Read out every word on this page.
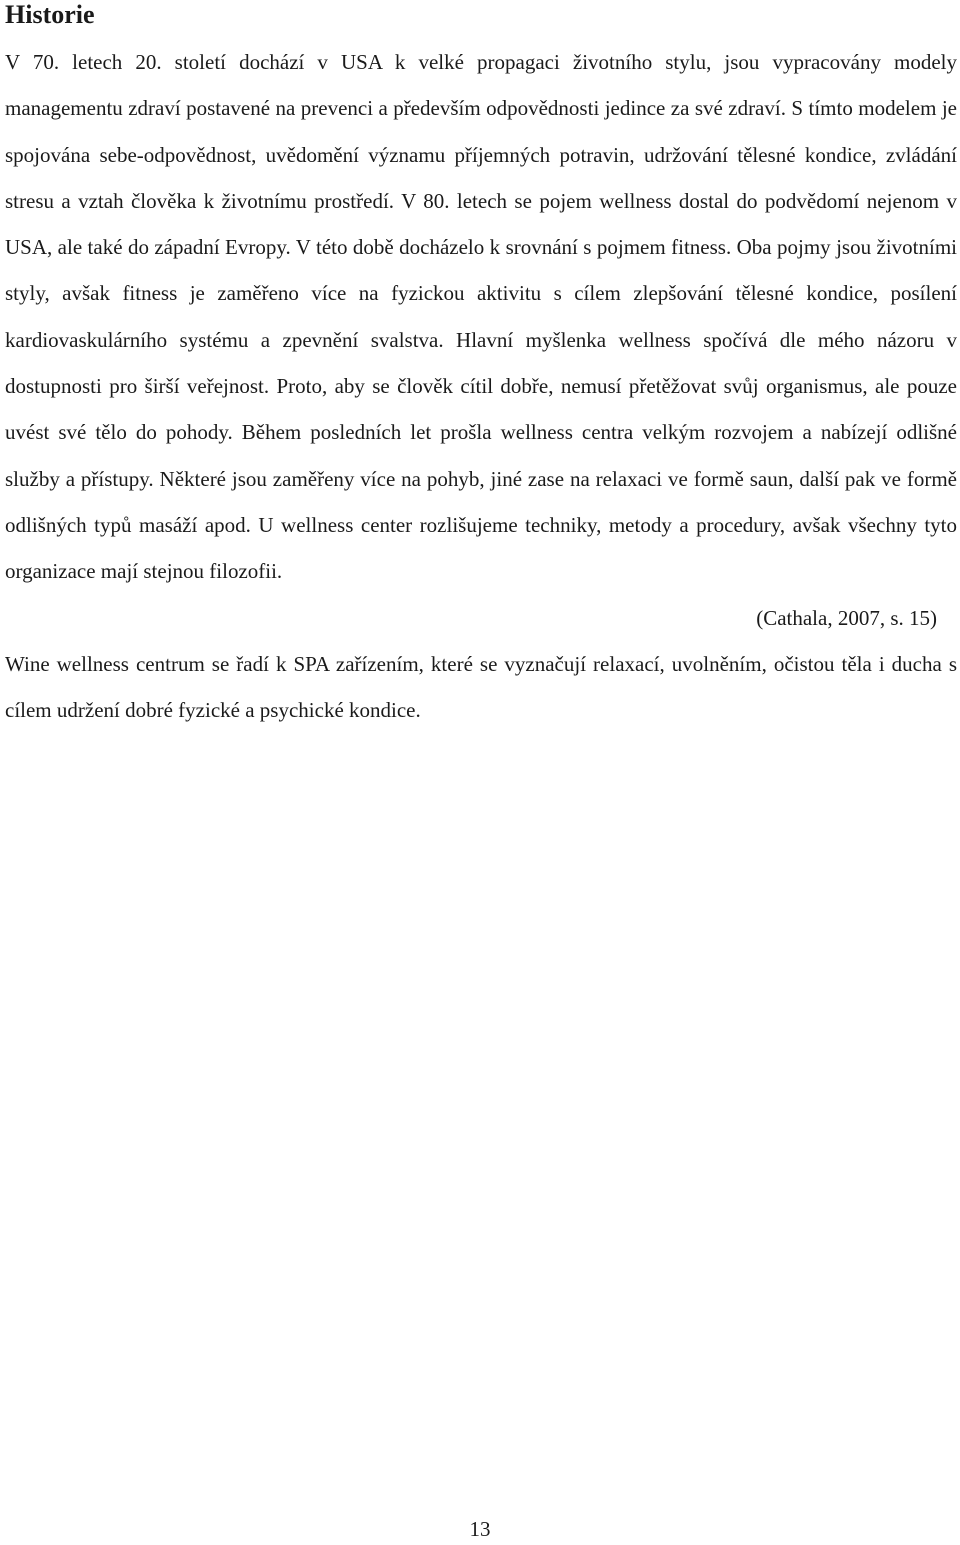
Historie

V 70. letech 20. století dochází v USA k velké propagaci životního stylu, jsou vypracovány modely managementu zdraví postavené na prevenci a především odpovědnosti jedince za své zdraví. S tímto modelem je spojována sebe-odpovědnost, uvědomění významu příjemných potravin, udržování tělesné kondice, zvládání stresu a vztah člověka k životnímu prostředí. V 80. letech se pojem wellness dostal do podvědomí nejenom v USA, ale také do západní Evropy. V této době docházelo k srovnání s pojmem fitness. Oba pojmy jsou životními styly, avšak fitness je zaměřeno více na fyzickou aktivitu s cílem zlepšování tělesné kondice, posílení kardiovaskulárního systému a zpevnění svalstva. Hlavní myšlenka wellness spočívá dle mého názoru v dostupnosti pro širší veřejnost. Proto, aby se člověk cítil dobře, nemusí přetěžovat svůj organismus, ale pouze uvést své tělo do pohody. Během posledních let prošla wellness centra velkým rozvojem a nabízejí odlišné služby a přístupy. Některé jsou zaměřeny více na pohyb, jiné zase na relaxaci ve formě saun, další pak ve formě odlišných typů masáží apod. U wellness center rozlišujeme techniky, metody a procedury, avšak všechny tyto organizace mají stejnou filozofii.

(Cathala, 2007, s. 15)

Wine wellness centrum se řadí k SPA zařízením, které se vyznačují relaxací, uvolněním, očistou těla i ducha s cílem udržení dobré fyzické a psychické kondice.

13
